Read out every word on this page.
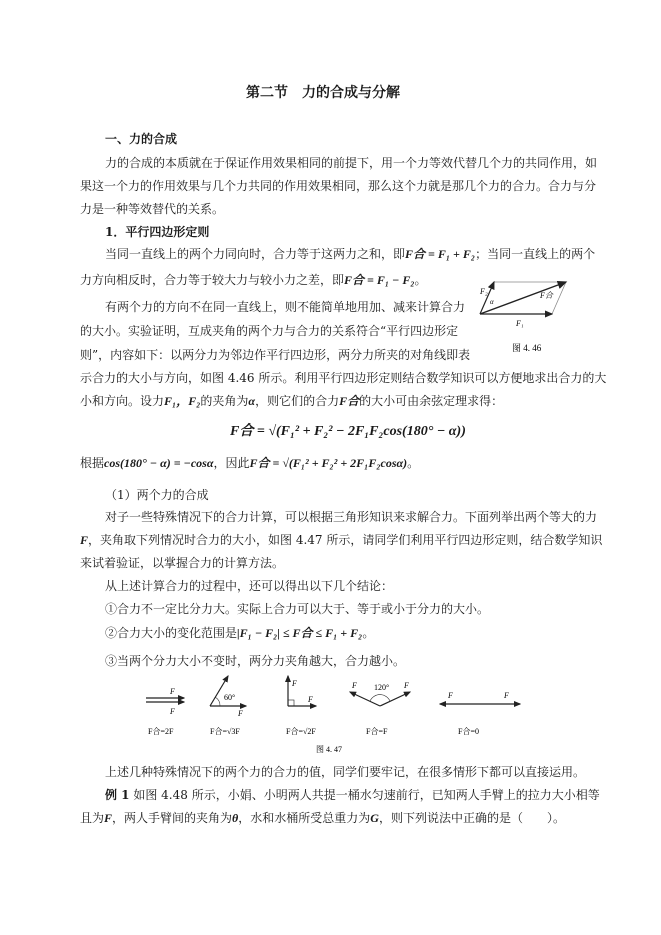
第二节　力的合成与分解
一、力的合成
力的合成的本质就在于保证作用效果相同的前提下，用一个力等效代替几个力的共同作用，如
果这一个力的作用效果与几个力共同的作用效果相同，那么这个力就是那几个力的合力。合力与分
力是一种等效替代的关系。
1．平行四边形定则
当同一直线上的两个力同向时，合力等于这两力之和，即F合 = F₁ + F₂；当同一直线上的两个
力方向相反时，合力等于较大力与较小力之差，即F合 = F₁ − F₂。
有两个力的方向不在同一直线上，则不能简单地用加、减来计算合力
的大小。实验证明，互成夹角的两个力与合力的关系符合“平行四边形定
则”，内容如下：以两分力为邻边作平行四边形，两分力所夹的对角线即表
示合力的大小与方向，如图 4.46 所示。利用平行四边形定则结合数学知识可以方便地求出合力的大
小和方向。设力F₁，F₂的夹角为α，则它们的合力F合的大小可由余弦定理求得：
F₂
F₁
F合
α
图 4. 46
F合 = √(F₁² + F₂² − 2F₁F₂cos(180° − α))
根据cos(180° − α) = −cosα，因此F合 = √(F₁² + F₂² + 2F₁F₂cosα)。
（1）两个力的合成
对子一些特殊情况下的合力计算，可以根据三角形知识来求解合力。下面列举出两个等大的力
F，夹角取下列情况时合力的大小，如图 4.47 所示，请同学们利用平行四边形定则，结合数学知识
来试着验证，以掌握合力的计算方法。
从上述计算合力的过程中，还可以得出以下几个结论：
①合力不一定比分力大。实际上合力可以大于、等于或小于分力的大小。
②合力大小的变化范围是|F₁ − F₂| ≤ F合 ≤ F₁ + F₂。
③当两个分力大小不变时，两分力夹角越大，合力越小。
F
F
F合=2F
60°
F
F合=√3F
F
F
F合=√2F
120°
F	F
F合=F
F	F
F合=0
图 4. 47
上述几种特殊情况下的两个力的合力的值，同学们要牢记，在很多情形下都可以直接运用。
例 1 如图 4.48 所示，小娟、小明两人共提一桶水匀速前行，已知两人手臂上的拉力大小相等
且为F，两人手臂间的夹角为θ，水和水桶所受总重力为G，则下列说法中正确的是（　　）。
